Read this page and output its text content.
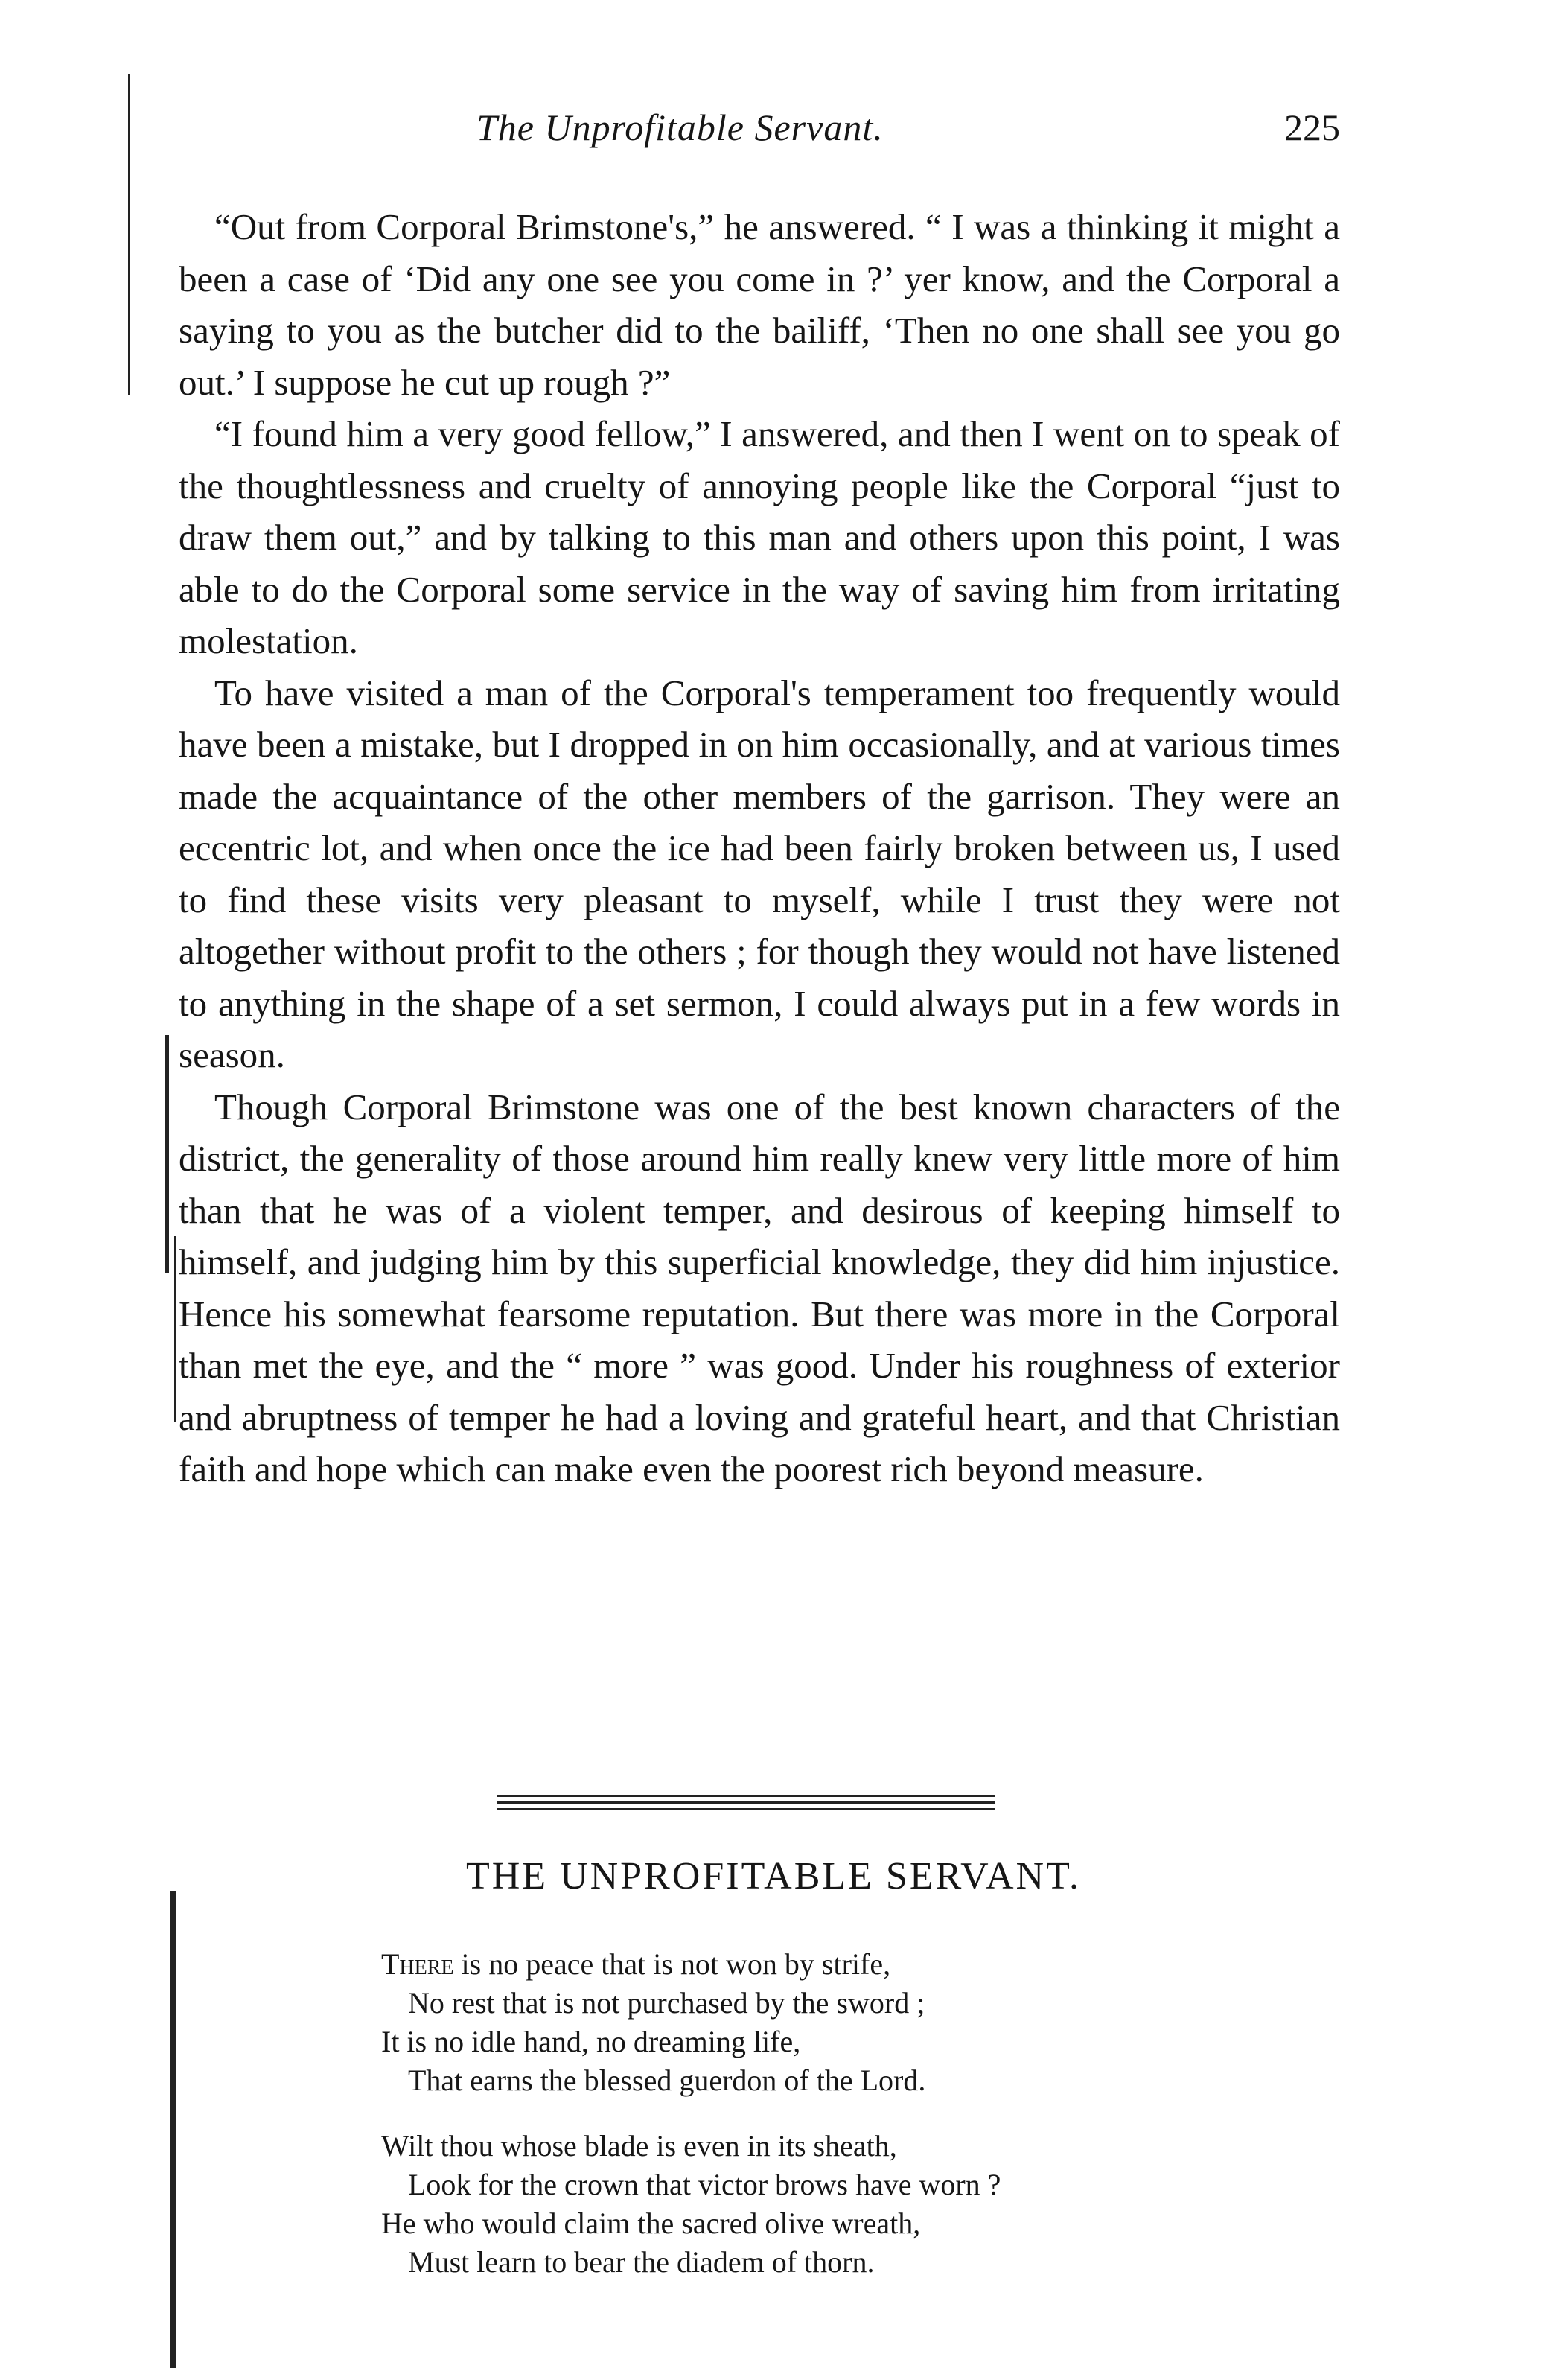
The Unprofitable Servant.	225

“Out from Corporal Brimstone's,” he answered. “ I was a thinking it might a been a case of ‘Did any one see you come in ?’ yer know, and the Corporal a saying to you as the butcher did to the bailiff, ‘Then no one shall see you go out.’ I suppose he cut up rough ?”

“I found him a very good fellow,” I answered, and then I went on to speak of the thoughtlessness and cruelty of annoying people like the Corporal “just to draw them out,” and by talking to this man and others upon this point, I was able to do the Corporal some service in the way of saving him from irritating molestation.

To have visited a man of the Corporal's temperament too frequently would have been a mistake, but I dropped in on him occasionally, and at various times made the acquaintance of the other members of the garrison. They were an eccentric lot, and when once the ice had been fairly broken between us, I used to find these visits very pleasant to myself, while I trust they were not altogether without profit to the others ; for though they would not have listened to anything in the shape of a set sermon, I could always put in a few words in season.

Though Corporal Brimstone was one of the best known characters of the district, the generality of those around him really knew very little more of him than that he was of a violent temper, and desirous of keeping himself to himself, and judging him by this superficial knowledge, they did him injustice. Hence his somewhat fearsome reputation. But there was more in the Corporal than met the eye, and the “ more ” was good. Under his roughness of exterior and abruptness of temper he had a loving and grateful heart, and that Christian faith and hope which can make even the poorest rich beyond measure.

THE UNPROFITABLE SERVANT.
There is no peace that is not won by strife,
No rest that is not purchased by the sword ;
It is no idle hand, no dreaming life,
That earns the blessed guerdon of the Lord.
Wilt thou whose blade is even in its sheath,
Look for the crown that victor brows have worn ?
He who would claim the sacred olive wreath,
Must learn to bear the diadem of thorn.
